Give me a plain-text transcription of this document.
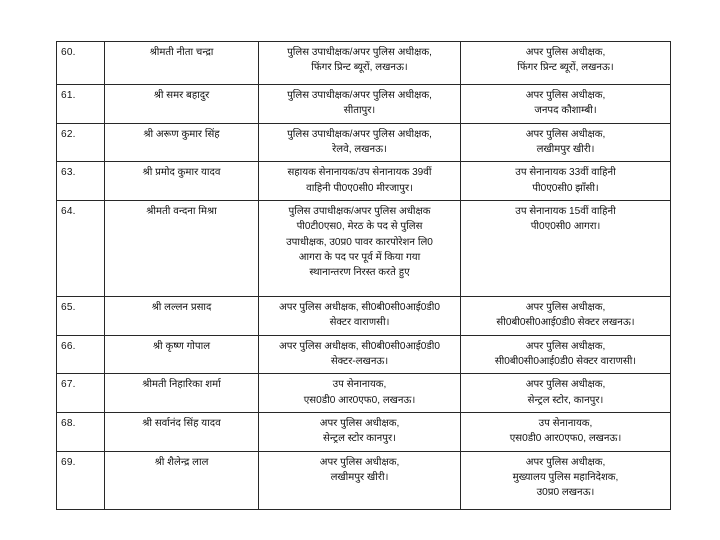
60.	श्रीमती नीता चन्द्रा	पुलिस उपाधीक्षक/अपर पुलिस अधीक्षक,
फिंगर प्रिन्ट ब्यूरों, लखनऊ।	अपर पुलिस अधीक्षक,
फिंगर प्रिन्ट ब्यूरों, लखनऊ।

61.	श्री समर बहादुर	पुलिस उपाधीक्षक/अपर पुलिस अधीक्षक,
सीतापुर।	अपर पुलिस अधीक्षक,
जनपद कौशाम्बी।

62.	श्री अरूण कुमार सिंह	पुलिस उपाधीक्षक/अपर पुलिस अधीक्षक,
रेलवे, लखनऊ।	अपर पुलिस अधीक्षक,
लखीमपुर खीरी।

63.	श्री प्रमोद कुमार यादव	सहायक सेनानायक/उप सेनानायक 39वीं
वाहिनी पी0ए0सी0 मीरजापुर।	उप सेनानायक 33वीं वाहिनी
पी0ए0सी0 झाँसी।

64.	श्रीमती वन्दना मिश्रा	पुलिस उपाधीक्षक/अपर पुलिस अधीक्षक
पी0टी0एस0, मेरठ के पद से पुलिस
उपाधीक्षक, उ0प्र0 पावर कारपोरेशन लि0
आगरा के पद पर पूर्व में किया गया
स्थानान्तरण निरस्त करते हुए	उप सेनानायक 15वीं वाहिनी
पी0ए0सी0 आगरा।

65.	श्री लल्लन प्रसाद	अपर पुलिस अधीक्षक, सी0बी0सी0आई0डी0
सेक्टर वाराणसी।	अपर पुलिस अधीक्षक,
सी0बी0सी0आई0डी0 सेक्टर लखनऊ।

66.	श्री कृष्ण गोपाल	अपर पुलिस अधीक्षक, सी0बी0सी0आई0डी0
सेक्टर-लखनऊ।	अपर पुलिस अधीक्षक,
सी0बी0सी0आई0डी0 सेक्टर वाराणसी।

67.	श्रीमती निहारिका शर्मा	उप सेनानायक,
एस0डी0 आर0एफ0, लखनऊ।	अपर पुलिस अधीक्षक,
सेन्ट्रल स्टोर, कानपुर।

68.	श्री सर्वानंद सिंह यादव	अपर पुलिस अधीक्षक,
सेन्ट्रल स्टोर कानपुर।	उप सेनानायक,
एस0डी0 आर0एफ0, लखनऊ।

69.	श्री शैलेन्द्र लाल	अपर पुलिस अधीक्षक,
लखीमपुर खीरी।	अपर पुलिस अधीक्षक,
मुख्यालय पुलिस महानिदेशक,
उ0प्र0 लखनऊ।
